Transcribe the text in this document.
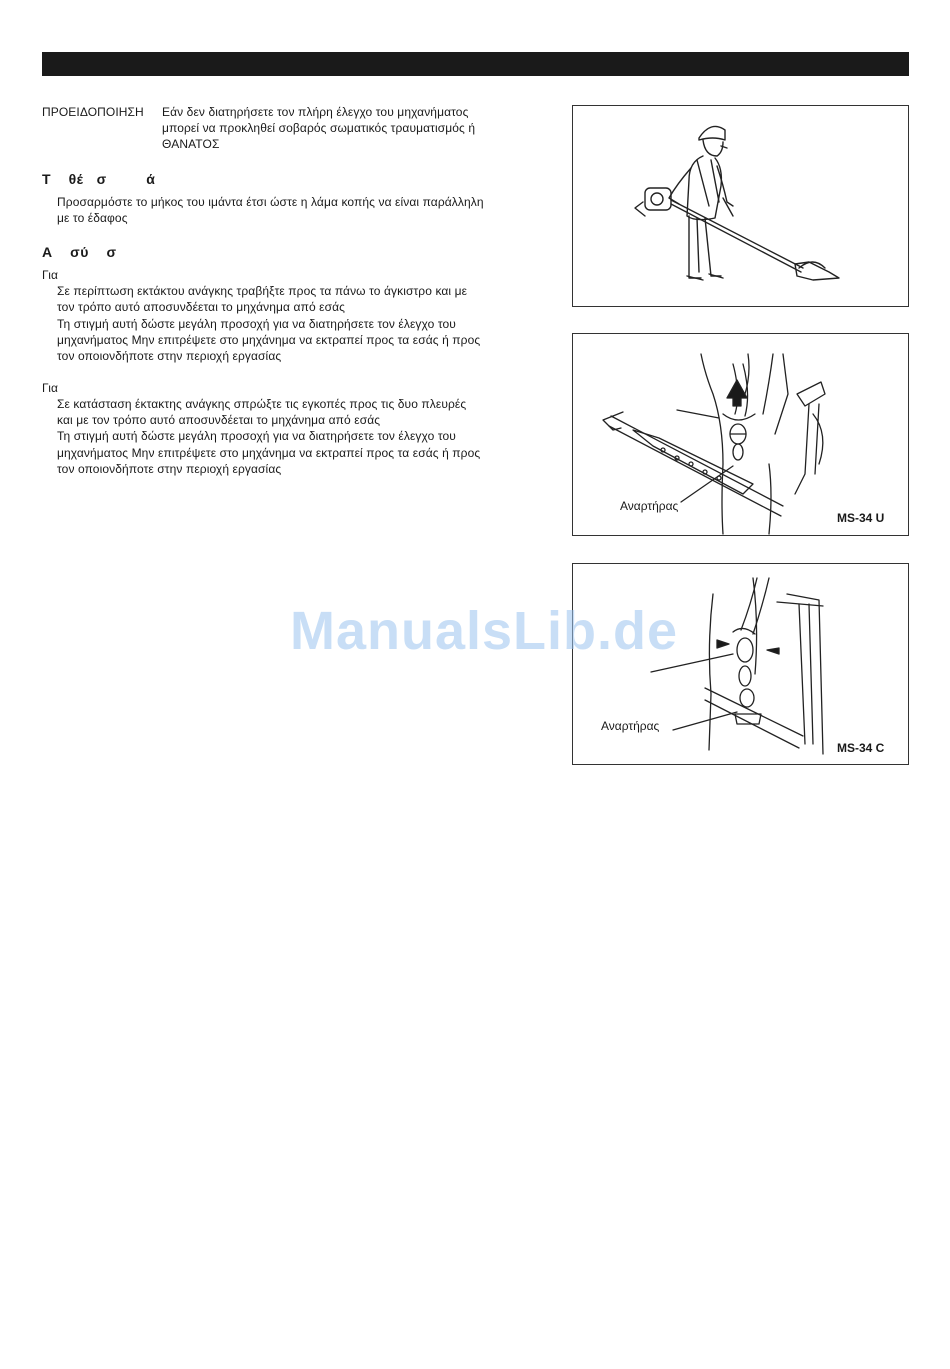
ΠΡΟΕΙΔΟΠΟΙΗΣΗ Εάν δεν διατηρήσετε τον πλήρη έλεγχο του μηχανήματος
μπορεί να προκληθεί σοβαρός σωματικός τραυματισμός ή
ΘΑΝΑΤΟΣ
Τ    θέ   σ         ά
Προσαρμόστε το μήκος του ιμάντα έτσι ώστε η λάμα κοπής να είναι παράλληλη
με το έδαφος
Α    σύ    σ
Για
Σε περίπτωση εκτάκτου ανάγκης τραβήξτε προς τα πάνω το άγκιστρο και με
τον τρόπο αυτό αποσυνδέεται το μηχάνημα από εσάς
Τη στιγμή αυτή δώστε μεγάλη προσοχή για να διατηρήσετε τον έλεγχο του
μηχανήματος Μην επιτρέψετε στο μηχάνημα να εκτραπεί προς τα εσάς ή προς
τον οποιονδήποτε στην περιοχή εργασίας
Για
Σε κατάσταση έκτακτης ανάγκης σπρώξτε τις εγκοπές προς τις δυο πλευρές
και με τον τρόπο αυτό αποσυνδέεται το μηχάνημα από εσάς
Τη στιγμή αυτή δώστε μεγάλη προσοχή για να διατηρήσετε τον έλεγχο του
μηχανήματος Μην επιτρέψετε στο μηχάνημα να εκτραπεί προς τα εσάς ή προς
τον οποιονδήποτε στην περιοχή εργασίας
Αναρτήρας
MS-34 U
Αναρτήρας
MS-34 C
ManualsLib.de
